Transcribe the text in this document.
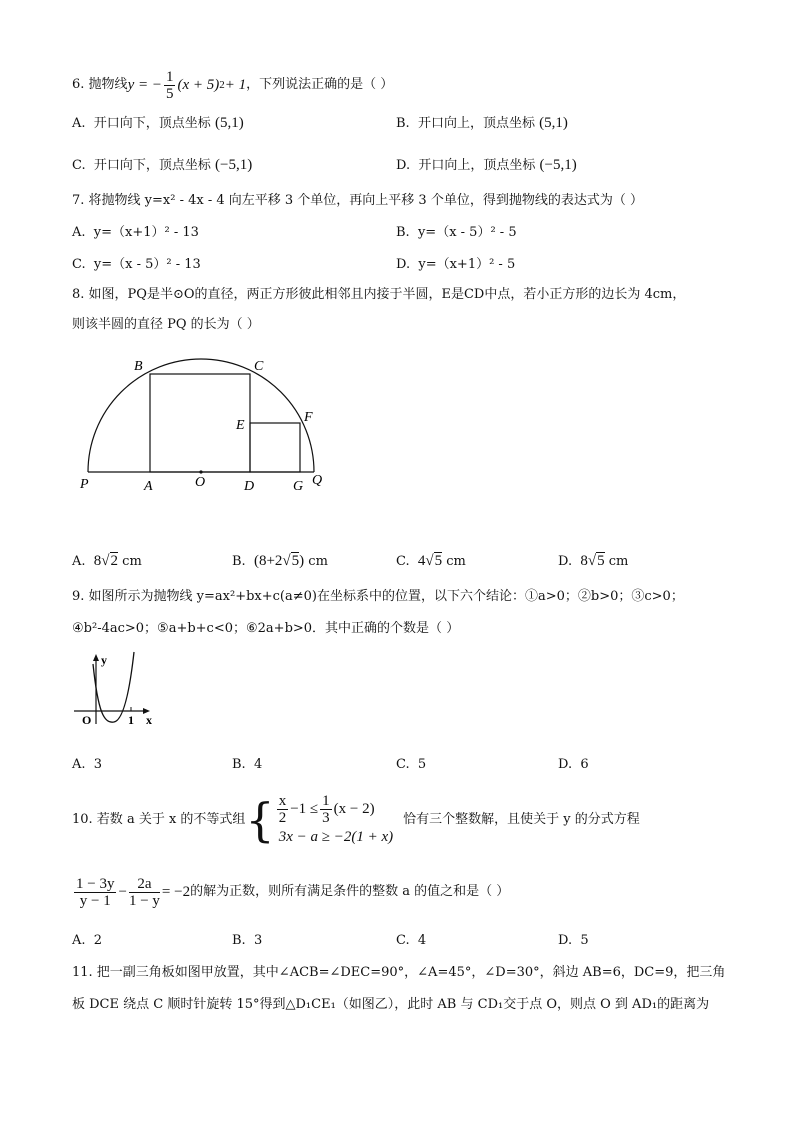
6.
抛物线 y = − $\frac{1}{5} (x + 5) 2 + 1$ ，下列说法正确的是（ ）
A. 开口向下，顶点坐标 (5,1)	B. 开口向上，顶点坐标 (5,1)
C. 开口向下，顶点坐标 (−5,1)	D. 开口向上，顶点坐标 (−5,1)
7. 将抛物线 y=x² - 4x - 4 向左平移 3 个单位，再向上平移 3 个单位，得到抛物线的表达式为（ ）
A. y=（x+1）² - 13	B. y=（x - 5）² - 5
C. y=（x - 5）² - 13	D. y=（x+1）² - 5
8. 如图，PQ是半⊙O的直径，两正方形彼此相邻且内接于半圆，E是CD中点，若小正方形的边长为 4cm，
则该半圆的直径 PQ 的长为（ ）
B	C
E
F
P	A	O	D	G Q
A. 8√2 cm	B. (8+2√5) cm	C. 4√5 cm	D. 8√5 cm
9. 如图所示为抛物线 y=ax²+bx+c(a≠0)在坐标系中的位置，以下六个结论：①a>0；②b>0；③c>0；
④b²-4ac>0；⑤a+b+c<0；⑥2a+b>0．其中正确的个数是（ ）
y
x
O	1
A. 3	B. 4	C. 5	D. 6
10. 若数 a 关于 x 的不等式组 { $\frac{x}{2} -1 \le \frac{1}{3} (x - 2)$
3x − a ≥ −2(1 + x)
恰有三个整数解，且使关于 y 的分式方程
$\frac{1 - 3y}{y - 1} - \frac{2a}{1 - y} = -2$ 的解为正数，则所有满足条件的整数 a 的值之和是（ ）
A. 2	B. 3	C. 4	D. 5
11. 把一副三角板如图甲放置，其中∠ACB=∠DEC=90°，∠A=45°，∠D=30°，斜边 AB=6，DC=9，把三角
板 DCE 绕点 C 顺时针旋转 15°得到△D₁CE₁（如图乙），此时 AB 与 CD₁交于点 O，则点 O 到 AD₁的距离为
